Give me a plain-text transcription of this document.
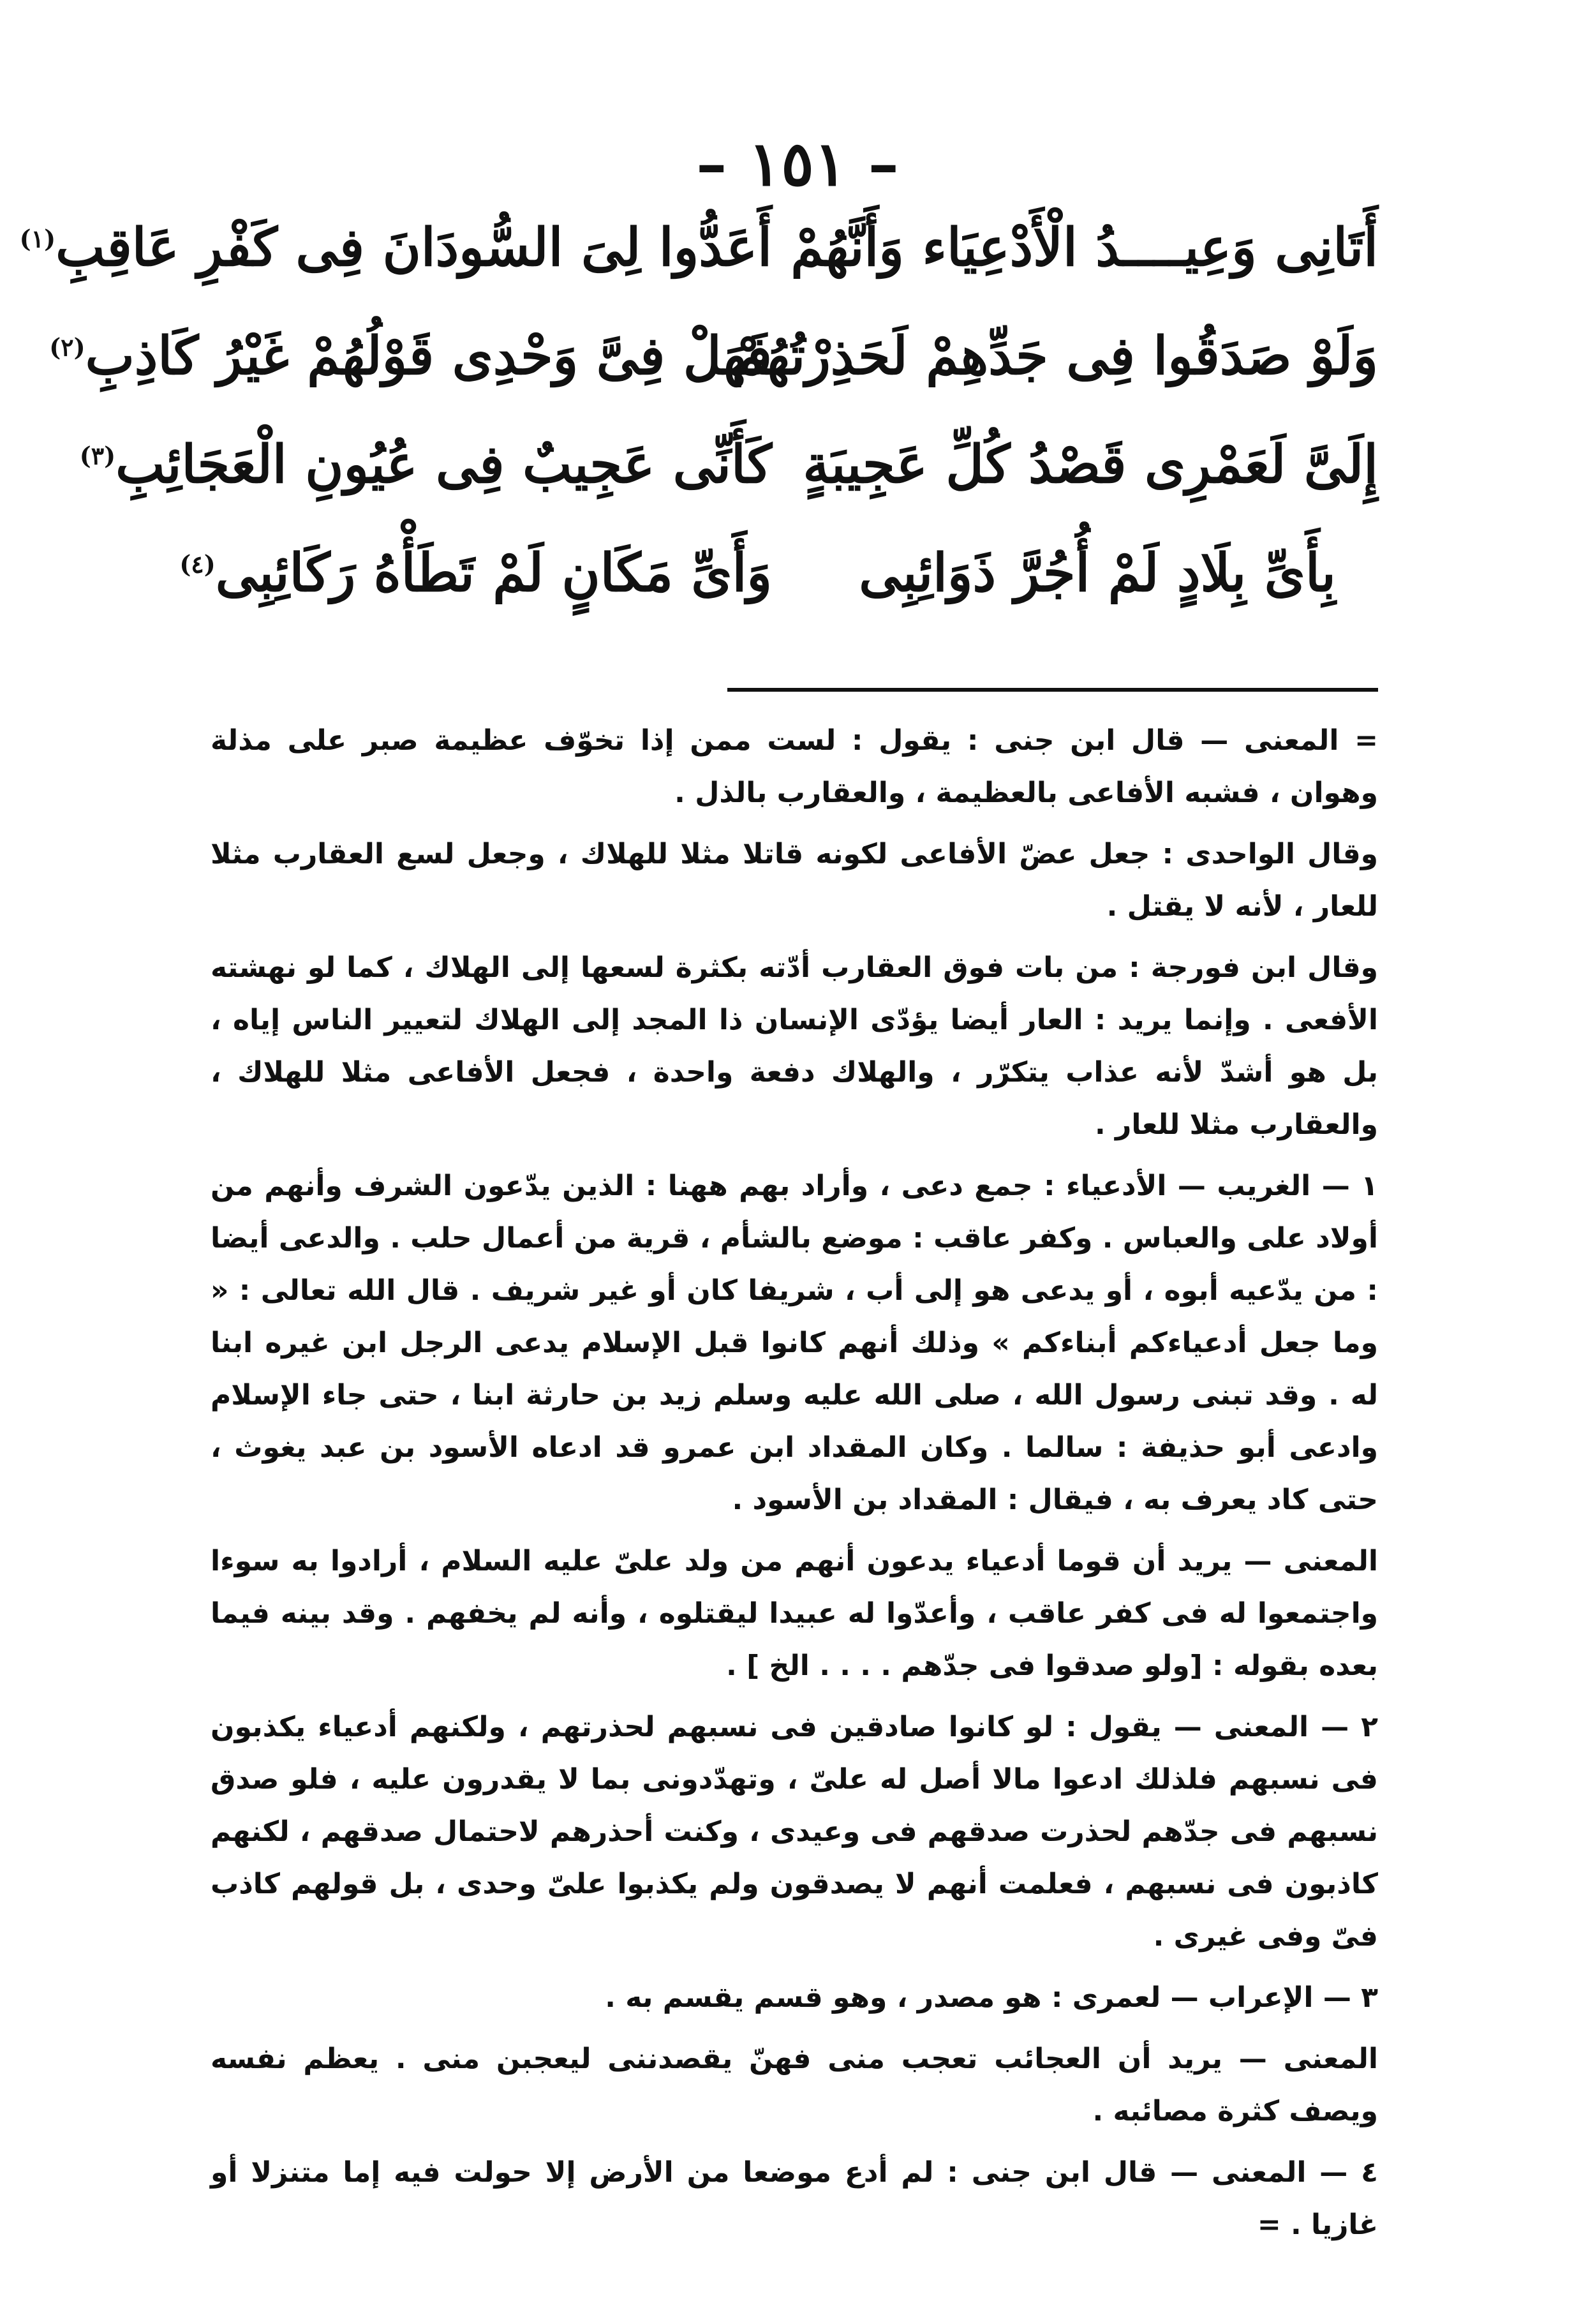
– ١٥١ –
أَتَانِى وَعِيــــدُ الْأَدْعِيَاء وَأَنَّهُمْ
أَعَدُّوا لِىَ السُّودَانَ فِى كَفْرِ عَاقِبِ$^{(١)}$
وَلَوْ صَدَقُوا فِى جَدِّهِمْ لَحَذِرْتُهُمْ
فَهَلْ فِىَّ وَحْدِى قَوْلُهُمْ غَيْرُ كَاذِبِ$^{(٢)}$
إِلَىَّ لَعَمْرِى قَصْدُ كُلِّ عَجِيبَةٍ
كَأَنِّى عَجِيبٌ فِى عُيُونِ الْعَجَائِبِ$^{(٣)}$
بِأَىِّ بِلَادٍ لَمْ أُجُرَّ ذَوَائِبِى
وَأَىِّ مَكَانٍ لَمْ تَطَأْهُ رَكَائِبِى$^{(٤)}$

= المعنى — قال ابن جنى : يقول : لست ممن إذا تخوّف عظيمة صبر على مذلة وهوان ، فشبه الأفاعى بالعظيمة ، والعقارب بالذل .

وقال الواحدى : جعل عضّ الأفاعى لكونه قاتلا مثلا للهلاك ، وجعل لسع العقارب مثلا للعار ، لأنه لا يقتل .

وقال ابن فورجة : من بات فوق العقارب أدّته بكثرة لسعها إلى الهلاك ، كما لو نهشته الأفعى . وإنما يريد : العار أيضا يؤدّى الإنسان ذا المجد إلى الهلاك لتعيير الناس إياه ، بل هو أشدّ لأنه عذاب يتكرّر ، والهلاك دفعة واحدة ، فجعل الأفاعى مثلا للهلاك ، والعقارب مثلا للعار .

١ — الغريب — الأدعياء : جمع دعى ، وأراد بهم ههنا : الذين يدّعون الشرف وأنهم من أولاد على والعباس . وكفر عاقب : موضع بالشأم ، قرية من أعمال حلب . والدعى أيضا : من يدّعيه أبوه ، أو يدعى هو إلى أب ، شريفا كان أو غير شريف . قال الله تعالى : « وما جعل أدعياءكم أبناءكم » وذلك أنهم كانوا قبل الإسلام يدعى الرجل ابن غيره ابنا له . وقد تبنى رسول الله ، صلى الله عليه وسلم زيد بن حارثة ابنا ، حتى جاء الإسلام وادعى أبو حذيفة : سالما . وكان المقداد ابن عمرو قد ادعاه الأسود بن عبد يغوث ، حتى كاد يعرف به ، فيقال : المقداد بن الأسود .

المعنى — يريد أن قوما أدعياء يدعون أنهم من ولد علىّ عليه السلام ، أرادوا به سوءا واجتمعوا له فى كفر عاقب ، وأعدّوا له عبيدا ليقتلوه ، وأنه لم يخفهم . وقد بينه فيما بعده بقوله : [ولو صدقوا فى جدّهم . . . . الخ ] .

٢ — المعنى — يقول : لو كانوا صادقين فى نسبهم لحذرتهم ، ولكنهم أدعياء يكذبون فى نسبهم فلذلك ادعوا مالا أصل له علىّ ، وتهدّدونى بما لا يقدرون عليه ، فلو صدق نسبهم فى جدّهم لحذرت صدقهم فى وعيدى ، وكنت أحذرهم لاحتمال صدقهم ، لكنهم كاذبون فى نسبهم ، فعلمت أنهم لا يصدقون ولم يكذبوا علىّ وحدى ، بل قولهم كاذب فىّ وفى غيرى .

٣ — الإعراب — لعمرى : هو مصدر ، وهو قسم يقسم به .

المعنى — يريد أن العجائب تعجب منى فهنّ يقصدننى ليعجبن منى . يعظم نفسه ويصف كثرة مصائبه .

٤ — المعنى — قال ابن جنى : لم أدع موضعا من الأرض إلا حولت فيه إما متنزلا أو غازيا . =
